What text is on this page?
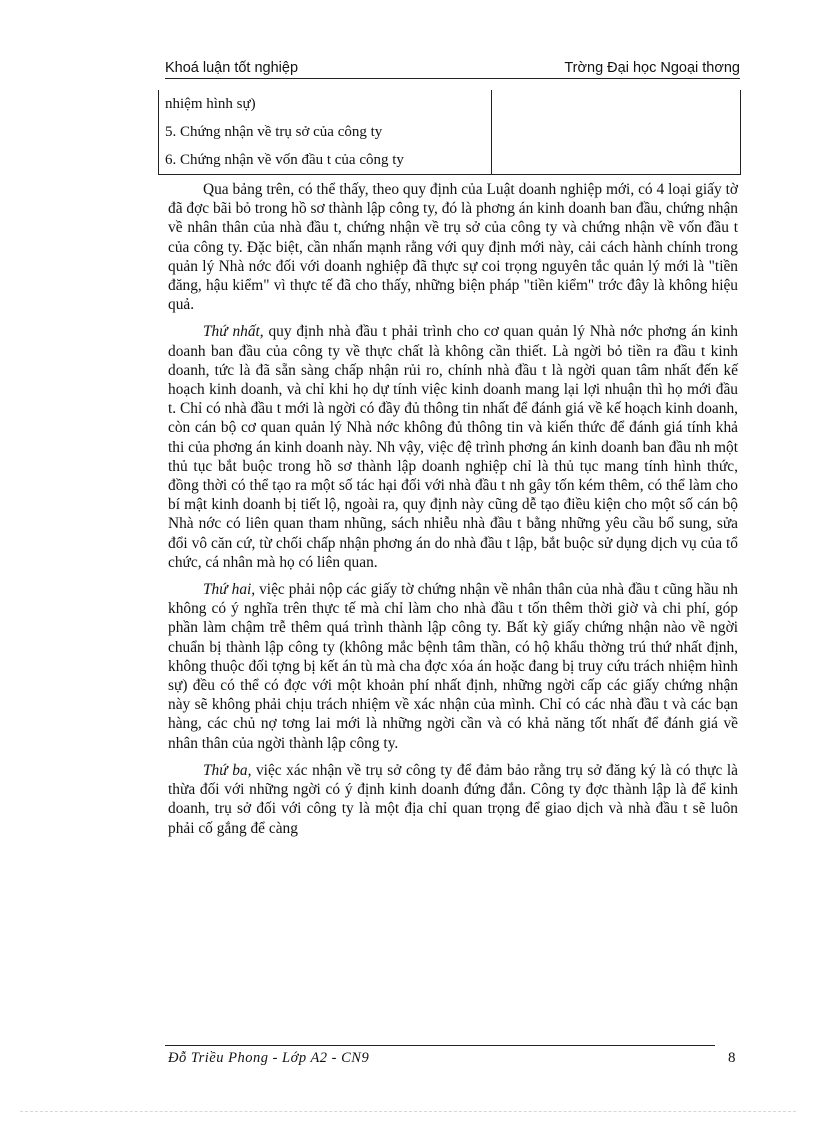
Khoá luận tốt nghiệp	Trờng Đại học Ngoại thơng
nhiệm hình sự)	
5. Chứng nhận về trụ sở của công ty	
6. Chứng nhận về vốn đầu t của công ty	

Qua bảng trên, có thể thấy, theo quy định của Luật doanh nghiệp mới, có 4 loại giấy tờ đã đợc bãi bỏ trong hồ sơ thành lập công ty, đó là phơng án kinh doanh ban đầu, chứng nhận về nhân thân của nhà đầu t, chứng nhận về trụ sở của công ty và chứng nhận về vốn đầu t của công ty. Đặc biệt, cần nhấn mạnh rằng với quy định mới này, cải cách hành chính trong quản lý Nhà nớc đối với doanh nghiệp đã thực sự coi trọng nguyên tắc quản lý mới là "tiền đăng, hậu kiểm" vì thực tế đã cho thấy, những biện pháp "tiền kiểm" trớc đây là không hiệu quả.

Thứ nhất, quy định nhà đầu t phải trình cho cơ quan quản lý Nhà nớc phơng án kinh doanh ban đầu của công ty về thực chất là không cần thiết. Là ngời bỏ tiền ra đầu t kinh doanh, tức là đã sẵn sàng chấp nhận rủi ro, chính nhà đầu t là ngời quan tâm nhất đến kế hoạch kinh doanh, và chỉ khi họ dự tính việc kinh doanh mang lại lợi nhuận thì họ mới đầu t. Chỉ có nhà đầu t mới là ngời có đầy đủ thông tin nhất để đánh giá về kế hoạch kinh doanh, còn cán bộ cơ quan quản lý Nhà nớc không đủ thông tin và kiến thức để đánh giá tính khả thi của phơng án kinh doanh này. Nh vậy, việc đệ trình phơng án kinh doanh ban đầu nh một thủ tục bắt buộc trong hồ sơ thành lập doanh nghiệp chỉ là thủ tục mang tính hình thức, đồng thời có thể tạo ra một số tác hại đối với nhà đầu t nh gây tốn kém thêm, có thể làm cho bí mật kinh doanh bị tiết lộ, ngoài ra, quy định này cũng dễ tạo điều kiện cho một số cán bộ Nhà nớc có liên quan tham nhũng, sách nhiễu nhà đầu t bằng những yêu cầu bổ sung, sửa đổi vô căn cứ, từ chối chấp nhận phơng án do nhà đầu t lập, bắt buộc sử dụng dịch vụ của tổ chức, cá nhân mà họ có liên quan.

Thứ hai, việc phải nộp các giấy tờ chứng nhận về nhân thân của nhà đầu t cũng hầu nh không có ý nghĩa trên thực tế mà chỉ làm cho nhà đầu t tốn thêm thời giờ và chi phí, góp phần làm chậm trễ thêm quá trình thành lập công ty. Bất kỳ giấy chứng nhận nào về ngời chuẩn bị thành lập công ty (không mắc bệnh tâm thần, có hộ khẩu thờng trú thứ nhất định, không thuộc đối tợng bị kết án tù mà cha đợc xóa án hoặc đang bị truy cứu trách nhiệm hình sự) đều có thể có đợc với một khoản phí nhất định, những ngời cấp các giấy chứng nhận này sẽ không phải chịu trách nhiệm về xác nhận của mình. Chỉ có các nhà đầu t và các bạn hàng, các chủ nợ tơng lai mới là những ngời cần và có khả năng tốt nhất để đánh giá về nhân thân của ngời thành lập công ty.

Thứ ba, việc xác nhận về trụ sở công ty để đảm bảo rằng trụ sở đăng ký là có thực là thừa đối với những ngời có ý định kinh doanh đứng đắn. Công ty đợc thành lập là để kinh doanh, trụ sở đối với công ty là một địa chỉ quan trọng để giao dịch và nhà đầu t sẽ luôn phải cố gắng để càng

Đỗ Triều Phong - Lớp A2 - CN9	8
